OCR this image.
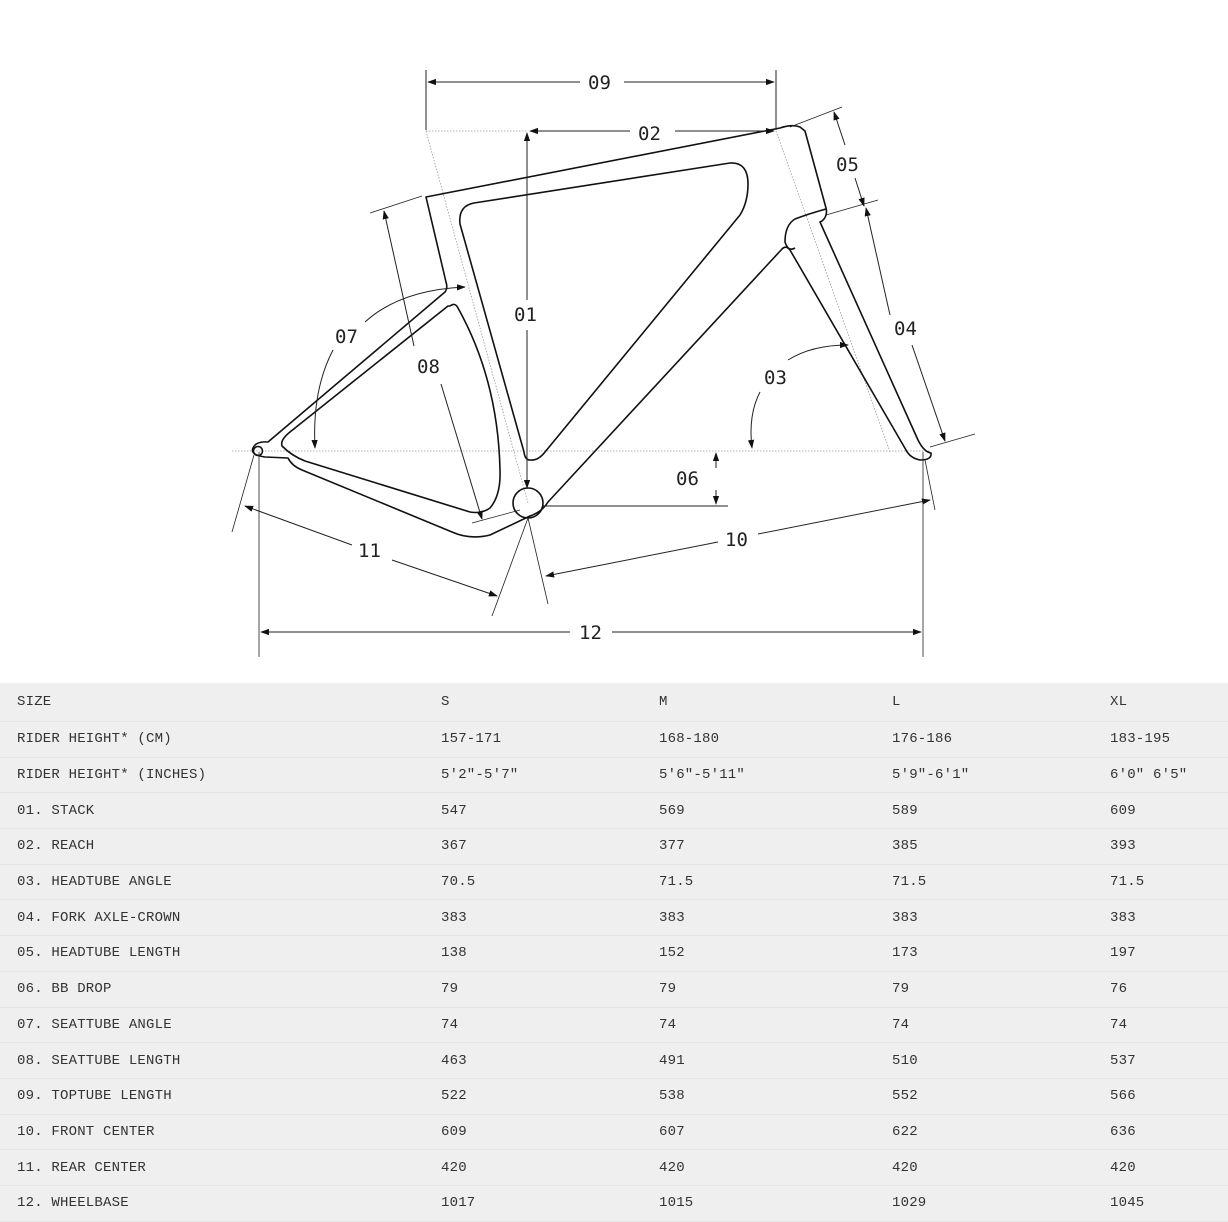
09
02
05
01
04
07
08	03
06
10
11
12
SIZE	S	M	L	XL
RIDER HEIGHT* (CM)	157-171	168-180	176-186	183-195
RIDER HEIGHT* (INCHES)	5'2"-5'7"	5'6"-5'11"	5'9"-6'1"	6'0" 6'5"
01. STACK	547	569	589	609
02. REACH	367	377	385	393
03. HEADTUBE ANGLE	70.5	71.5	71.5	71.5
04. FORK AXLE-CROWN	383	383	383	383
05. HEADTUBE LENGTH	138	152	173	197
06. BB DROP	79	79	79	76
07. SEATTUBE ANGLE	74	74	74	74
08. SEATTUBE LENGTH	463	491	510	537
09. TOPTUBE LENGTH	522	538	552	566
10. FRONT CENTER	609	607	622	636
11. REAR CENTER	420	420	420	420
12. WHEELBASE	1017	1015	1029	1045
